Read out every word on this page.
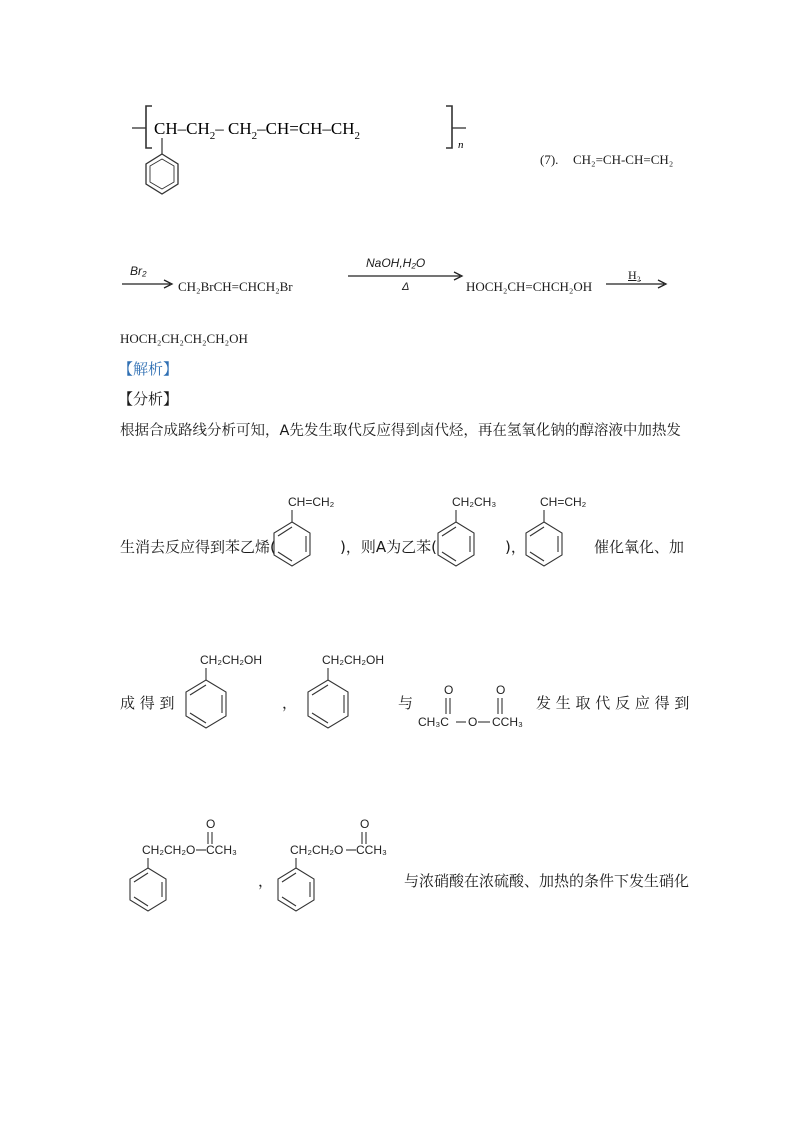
$CH-CH_2-$ $CH_2-CH=CH-CH_2$
n
(7). CH₂=CH-CH=CH₂
Br₂
→ CH₂BrCH=CHCH₂Br
NaOH,H₂O
Δ	HOCH₂CH=CHCH₂OH
H₂
HOCH₂CH₂CH₂CH₂OH
【解析】
【分析】
根据合成路线分析可知，A先发生取代反应得到卤代烃，再在氢氧化钠的醇溶液中加热发
生消去反应得到苯乙烯(
CH=CH₂
)，则A为乙苯(
CH₂CH₃
)，
CH=CH₂
催化氧化、加
成 得 到
CH₂CH₂OH
，
CH₂CH₂OH
与
O	O
CH₃C O CCH₃
发 生 取 代 反 应 得 到
O
CH₂CH₂O CCH₃
，
O
CH₂CH₂O CCH₃
与浓硝酸在浓硫酸、加热的条件下发生硝化
